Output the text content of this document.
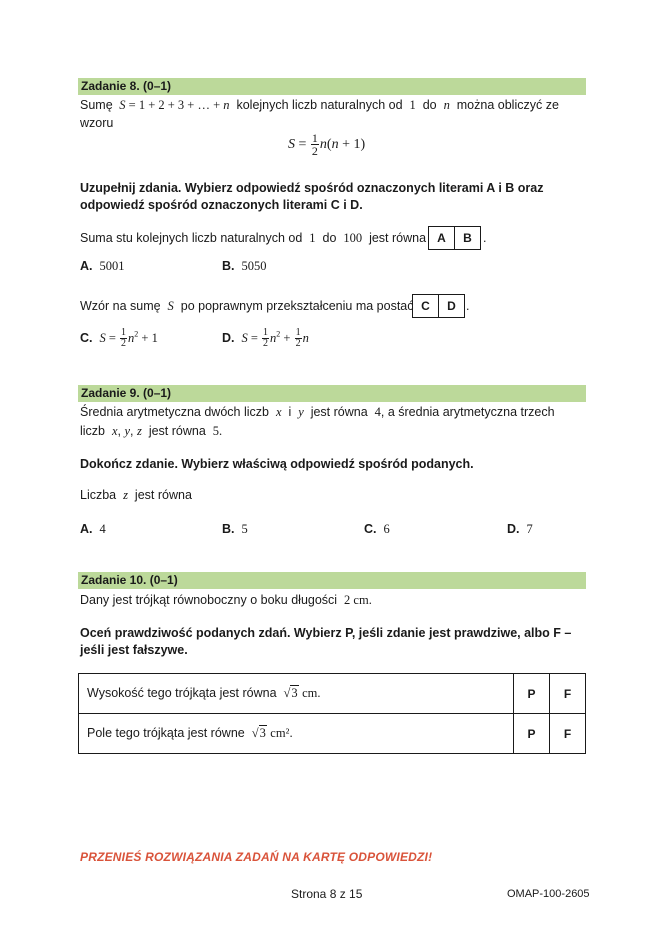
Zadanie 8. (0–1)
Sumę  S = 1 + 2 + 3 + … + n kolejnych liczb naturalnych od 1 do n można obliczyć ze
wzoru
$S = \frac{1}{2} n(n + 1)$
Uzupełnij zdania. Wybierz odpowiedź spośród oznaczonych literami A i B oraz
odpowiedź spośród oznaczonych literami C i D.
Suma stu kolejnych liczb naturalnych od 1 do 100 jest równa A	B .
A. 5001	B. 5050
Wzór na sumę S po poprawnym przekształceniu ma postać C	D .
C. $S = \frac{1}{2} n^2 + 1$	D. $S = \frac{1}{2} n^2 + \frac{1}{2}$ n
Zadanie 9. (0–1)
Średnia arytmetyczna dwóch liczb x i y jest równa 4, a średnia arytmetyczna trzech
liczb x, y, z jest równa 5.
Dokończ zdanie. Wybierz właściwą odpowiedź spośród podanych.
Liczba z jest równa
A. 4	B. 5	C. 6	D. 7
Zadanie 10. (0–1)
Dany jest trójkąt równoboczny o boku długości 2 cm.
Oceń prawdziwość podanych zdań. Wybierz P, jeśli zdanie jest prawdziwe, albo F –
jeśli jest fałszywe.
Wysokość tego trójkąta jest równa √3 cm.	P	F
Pole tego trójkąta jest równe √3 cm².	P	F
PRZENIEŚ ROZWIĄZANIA ZADAŃ NA KARTĘ ODPOWIEDZI!
Strona 8 z 15	OMAP-100-2605
